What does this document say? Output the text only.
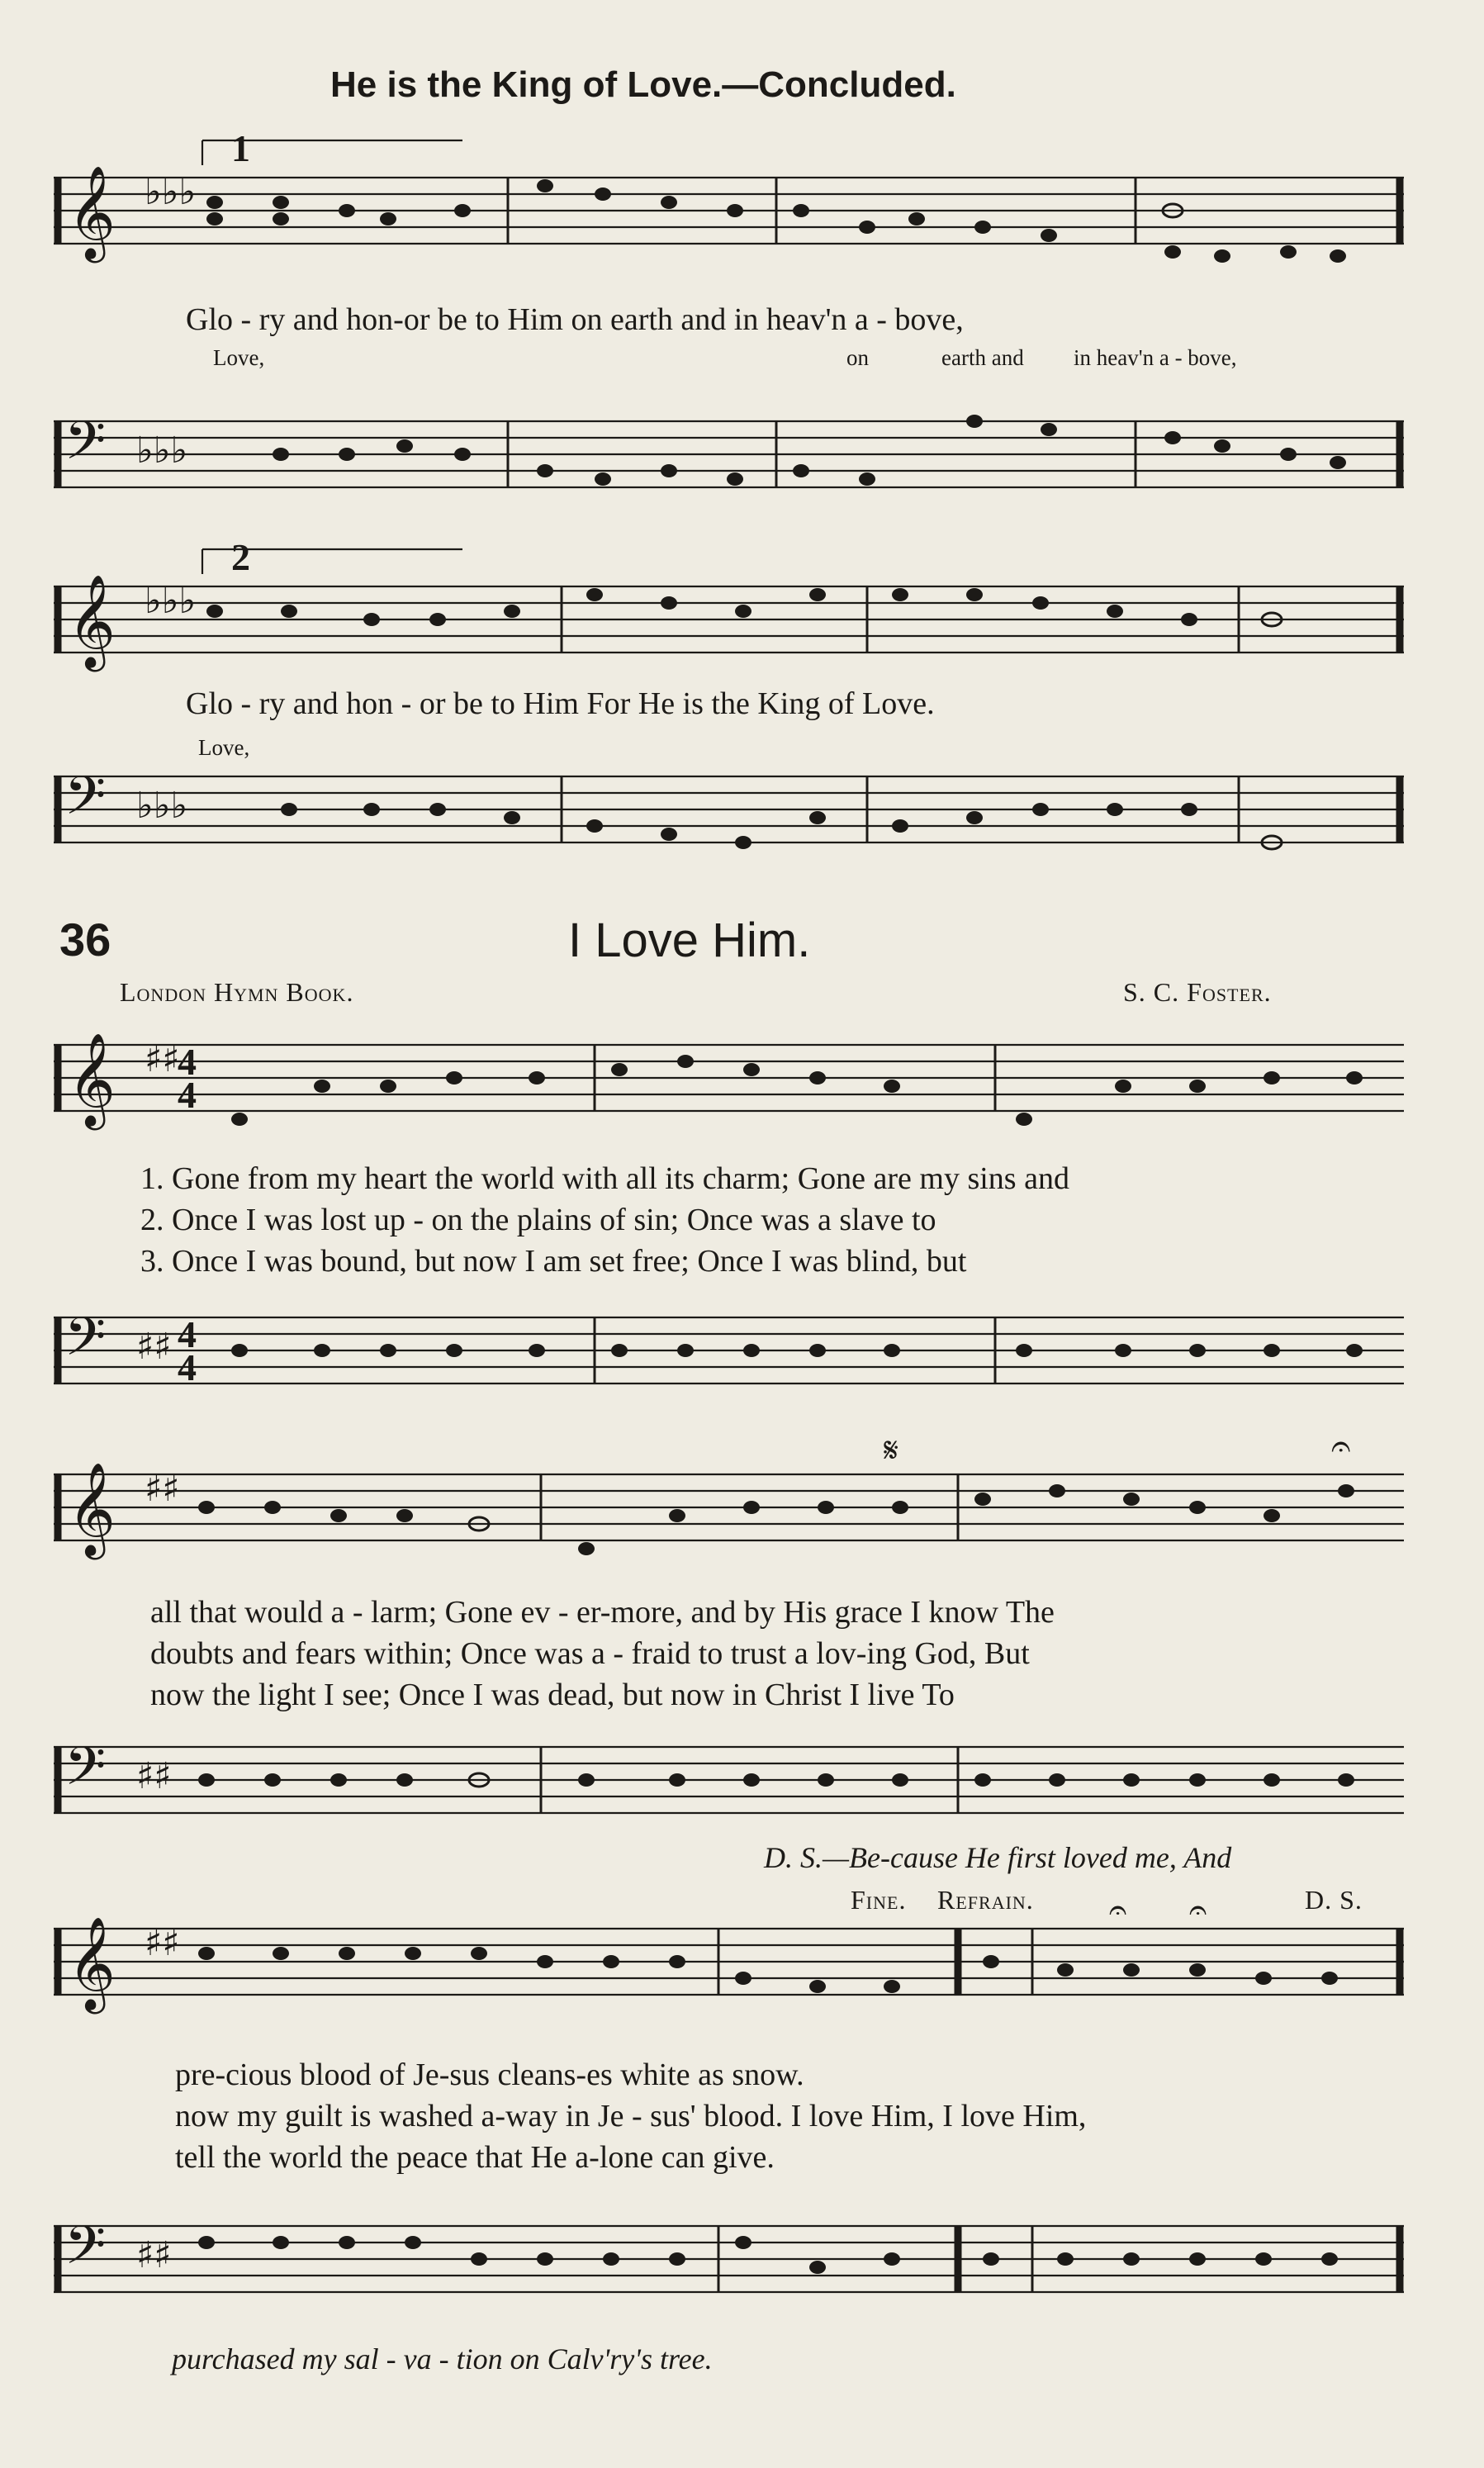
He is the King of Love.—Concluded.
𝄞 ♭♭♭
1
Glo - ry and hon-or be to Him on earth and in heav'n a - bove,
Love,	on	earth and in heav'n a - bove,
𝄢 ♭♭♭
𝄞 ♭♭♭
2
Glo - ry and hon - or be to Him For He is the King of Love.
Love,
𝄢 ♭♭♭
36	I Love Him.
London Hymn Book.	S. C. Foster.
𝄞 ♯♯
4
4
1. Gone from my heart the world with all its charm; Gone are my sins and
2. Once I was lost up - on the plains of sin; Once was a slave to
3. Once I was bound, but now I am set free; Once I was blind, but
𝄢 ♯♯ 4
4
𝄞 ♯♯
𝄋	𝄐
all that would a - larm; Gone ev - er-more, and by His grace I know The
doubts and fears within; Once was a - fraid to trust a lov-ing God, But
now the light I see; Once I was dead, but now in Christ I live To
𝄢 ♯♯
D. S.—Be-cause He first loved me, And
Fine. Refrain.	D. S.
𝄞 ♯♯
𝄐 𝄐
pre-cious blood of Je-sus cleans-es white as snow.
now my guilt is washed a-way in Je - sus' blood. I love Him, I love Him,
tell the world the peace that He a-lone can give.
𝄢 ♯♯
purchased my sal - va - tion on Calv'ry's tree.
